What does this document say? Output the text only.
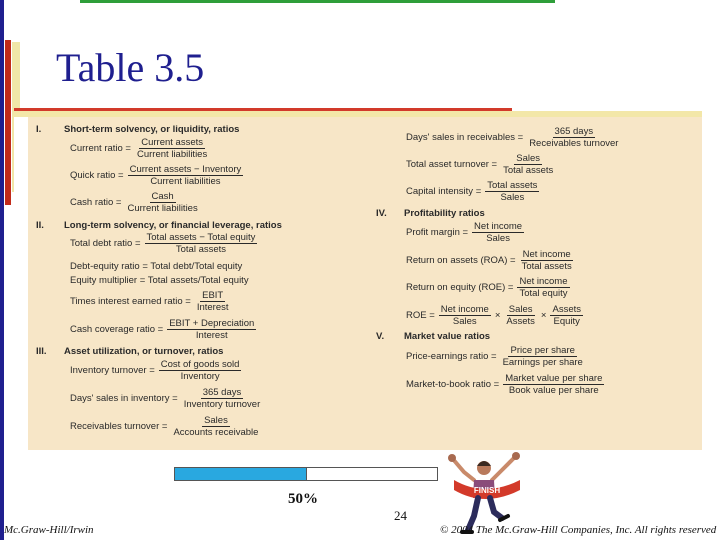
Table 3.5
I.	Short-term solvency, or liquidity, ratios
Current ratio = $\frac{\text{Current assets}}{\text{Current liabilities}}$
Quick ratio = $\frac{\text{Current assets − Inventory}}{\text{Current liabilities}}$
Cash ratio = $\frac{\text{Cash}}{\text{Current liabilities}}$
II.	Long-term solvency, or financial leverage, ratios
Total debt ratio = $\frac{\text{Total assets − Total equity}}{\text{Total assets}}$
Debt-equity ratio = Total debt/Total equity
Equity multiplier = Total assets/Total equity
Times interest earned ratio = $\frac{\text{EBIT}}{\text{Interest}}$
Cash coverage ratio = $\frac{\text{EBIT + Depreciation}}{\text{Interest}}$
III.	Asset utilization, or turnover, ratios
Inventory turnover = $\frac{\text{Cost of goods sold}}{\text{Inventory}}$
Days' sales in inventory = $\frac{\text{365 days}}{\text{Inventory turnover}}$
Receivables turnover = $\frac{\text{Sales}}{\text{Accounts receivable}}$
Days' sales in receivables = $\frac{\text{365 days}}{\text{Receivables turnover}}$
Total asset turnover = $\frac{\text{Sales}}{\text{Total assets}}$
Capital intensity = $\frac{\text{Total assets}}{\text{Sales}}$
IV.	Profitability ratios
Profit margin = $\frac{\text{Net income}}{\text{Sales}}$
Return on assets $(ROA) = \frac{\text{Net income}}{\text{Total assets}}$
Return on equity $(ROE) = \frac{\text{Net income}}{\text{Total equity}}$
ROE = $\frac{\text{Net income}}{\text{Sales}} \times \frac{\text{Sales}}{\text{Assets}} \times \frac{\text{Assets}}{\text{Equity}}$
V.	Market value ratios
Price-earnings ratio = $\frac{\text{Price per share}}{\text{Earnings per share}}$
Market-to-book ratio = $\frac{\text{Market value per share}}{\text{Book value per share}}$
50%
24
FINISH
Mc.Graw-Hill/Irwin	© 2004 The Mc.Graw-Hill Companies, Inc. All rights reserved
